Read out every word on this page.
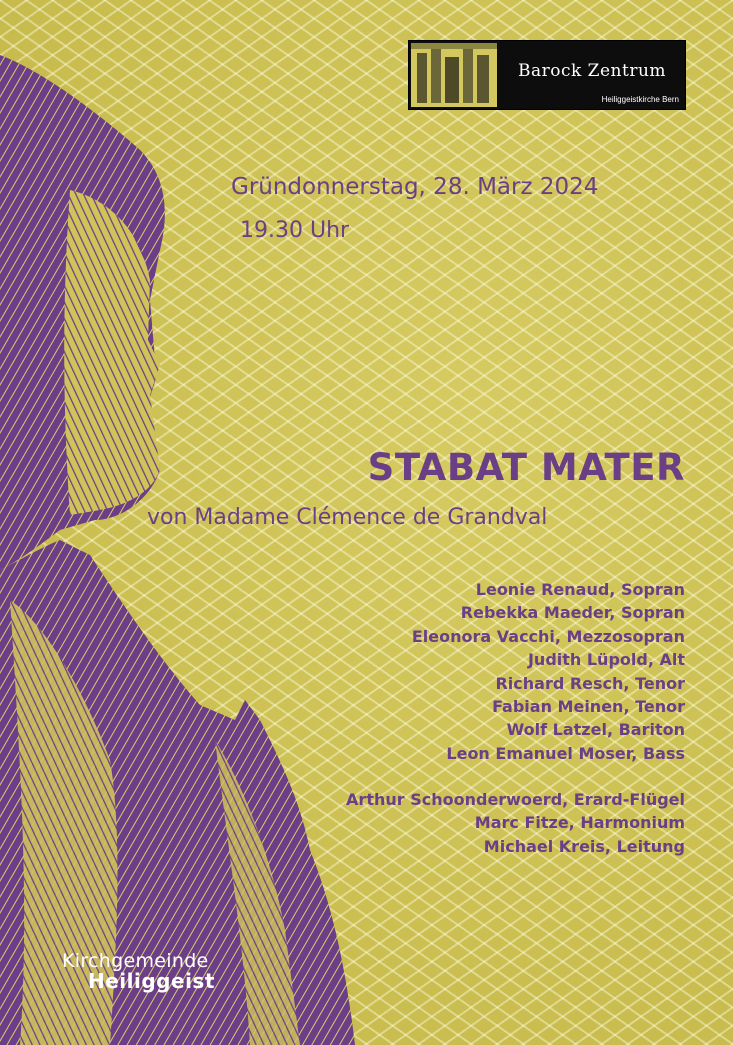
Barock Zentrum
Heiliggeistkirche Bern
Gründonnerstag, 28. März 2024
19.30 Uhr
STABAT MATER
von Madame Clémence de Grandval
Leonie Renaud, Sopran
Rebekka Maeder, Sopran
Eleonora Vacchi, Mezzosopran
Judith Lüpold, Alt
Richard Resch, Tenor
Fabian Meinen, Tenor
Wolf Latzel, Bariton
Leon Emanuel Moser, Bass
Arthur Schoonderwoerd, Erard-Flügel
Marc Fitze, Harmonium
Michael Kreis, Leitung
Kirchgemeinde
Heiliggeist
